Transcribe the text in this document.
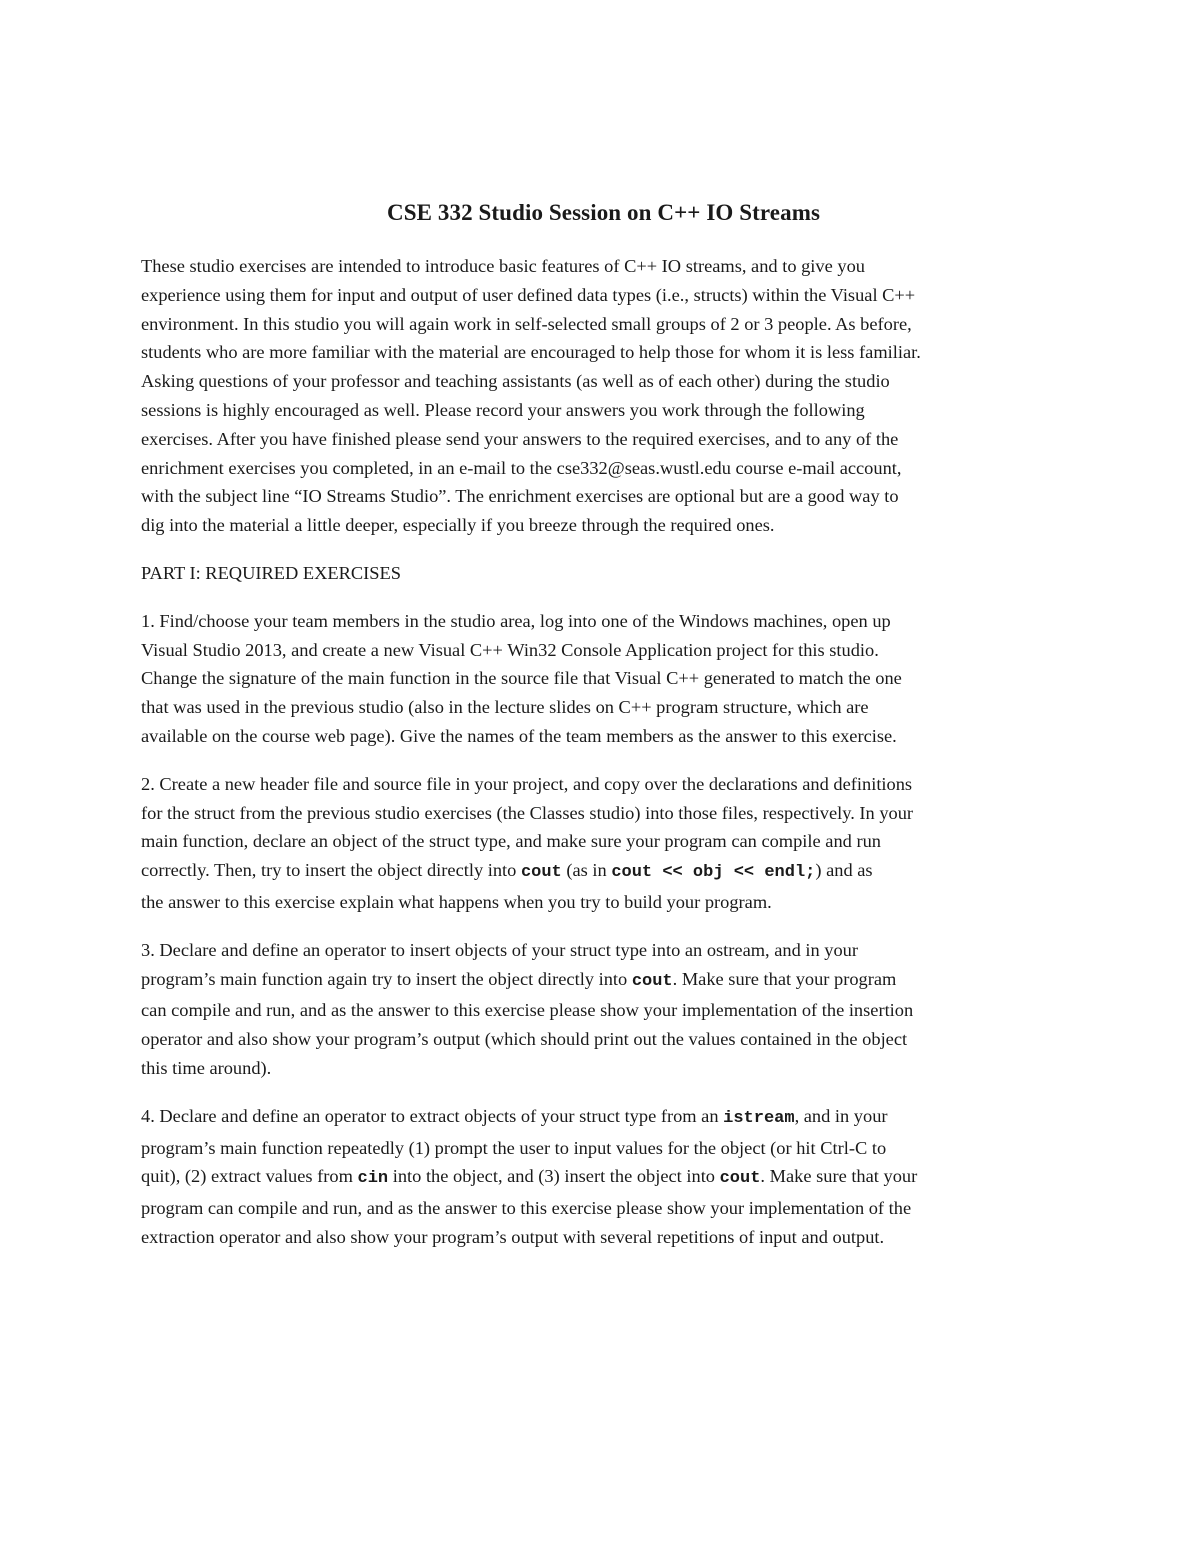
CSE 332 Studio Session on C++ IO Streams
These studio exercises are intended to introduce basic features of C++ IO streams, and to give you
experience using them for input and output of user defined data types (i.e., structs) within the Visual C++
environment. In this studio you will again work in self-selected small groups of 2 or 3 people. As before,
students who are more familiar with the material are encouraged to help those for whom it is less familiar.
Asking questions of your professor and teaching assistants (as well as of each other) during the studio
sessions is highly encouraged as well. Please record your answers you work through the following
exercises. After you have finished please send your answers to the required exercises, and to any of the
enrichment exercises you completed, in an e-mail to the cse332@seas.wustl.edu course e-mail account,
with the subject line “IO Streams Studio”. The enrichment exercises are optional but are a good way to
dig into the material a little deeper, especially if you breeze through the required ones.
PART I: REQUIRED EXERCISES
1. Find/choose your team members in the studio area, log into one of the Windows machines, open up
Visual Studio 2013, and create a new Visual C++ Win32 Console Application project for this studio.
Change the signature of the main function in the source file that Visual C++ generated to match the one
that was used in the previous studio (also in the lecture slides on C++ program structure, which are
available on the course web page). Give the names of the team members as the answer to this exercise.
2. Create a new header file and source file in your project, and copy over the declarations and definitions
for the struct from the previous studio exercises (the Classes studio) into those files, respectively. In your
main function, declare an object of the struct type, and make sure your program can compile and run
correctly. Then, try to insert the object directly into cout (as in cout << obj << endl;) and as
the answer to this exercise explain what happens when you try to build your program.
3. Declare and define an operator to insert objects of your struct type into an ostream, and in your
program’s main function again try to insert the object directly into cout. Make sure that your program
can compile and run, and as the answer to this exercise please show your implementation of the insertion
operator and also show your program’s output (which should print out the values contained in the object
this time around).
4. Declare and define an operator to extract objects of your struct type from an istream, and in your
program’s main function repeatedly (1) prompt the user to input values for the object (or hit Ctrl-C to
quit), (2) extract values from cin into the object, and (3) insert the object into cout. Make sure that your
program can compile and run, and as the answer to this exercise please show your implementation of the
extraction operator and also show your program’s output with several repetitions of input and output.
